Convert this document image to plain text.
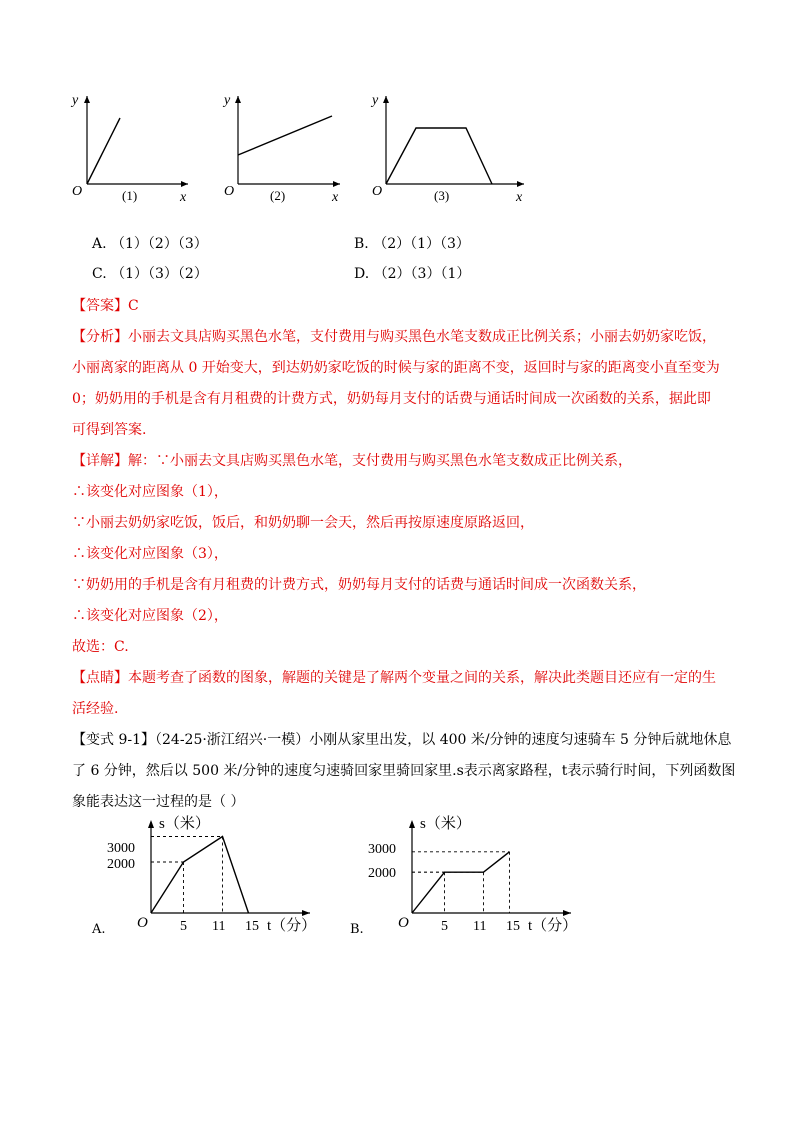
y
x
O	(1)
y
x
O	(2)
y
x
O	(3)
A. （1）（2）（3）	B. （2）（1）（3）
C. （1）（3）（2）	D. （2）（3）（1）
【答案】C
【分析】小丽去文具店购买黑色水笔，支付费用与购买黑色水笔支数成正比例关系；小丽去奶奶家吃饭，
小丽离家的距离从 0 开始变大，到达奶奶家吃饭的时候与家的距离不变，返回时与家的距离变小直至变为
0；奶奶用的手机是含有月租费的计费方式，奶奶每月支付的话费与通话时间成一次函数的关系，据此即
可得到答案.
【详解】解：∵小丽去文具店购买黑色水笔，支付费用与购买黑色水笔支数成正比例关系，
∴该变化对应图象（1），
∵小丽去奶奶家吃饭，饭后，和奶奶聊一会天，然后再按原速度原路返回，
∴该变化对应图象（3），
∵奶奶用的手机是含有月租费的计费方式，奶奶每月支付的话费与通话时间成一次函数关系，
∴该变化对应图象（2），
故选：C.
【点睛】本题考查了函数的图象，解题的关键是了解两个变量之间的关系，解决此类题目还应有一定的生
活经验.
【变式 9-1】（24-25·浙江绍兴·一模）小刚从家里出发，以 400 米/分钟的速度匀速骑车 5 分钟后就地休息
了 6 分钟，然后以 500 米/分钟的速度匀速骑回家里骑回家里.s表示离家路程，t表示骑行时间，下列函数图
象能表达这一过程的是（ ）
A.
s（米）
t（分）
O
2000
3000
5 11 15	B.
s（米）
t（分）
O
2000
3000
5 11 15
